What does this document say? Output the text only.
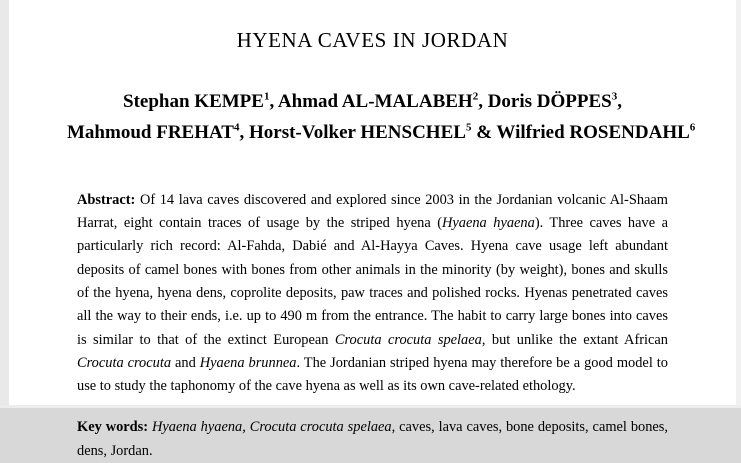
HYENA CAVES IN JORDAN
Stephan KEMPE$^1$, Ahmad AL-MALABEH$^2$, Doris DÖPPES$^3$,
Mahmoud FREHAT$^4$, Horst-Volker HENSCHEL$^5$ & Wilfried ROSENDAHL$^6$

Abstract: Of 14 lava caves discovered and explored since 2003 in the Jordanian volcanic Al-Shaam Harrat, eight contain traces of usage by the striped hyena (Hyaena hyaena). Three caves have a particularly rich record: Al-Fahda, Dabié and Al-Hayya Caves. Hyena cave usage left abundant deposits of camel bones with bones from other animals in the minority (by weight), bones and skulls of the hyena, hyena dens, coprolite deposits, paw traces and polished rocks. Hyenas penetrated caves all the way to their ends, i.e. up to 490 m from the entrance. The habit to carry large bones into caves is similar to that of the extinct European Crocuta crocuta spelaea, but unlike the extant African Crocuta crocuta and Hyaena brunnea. The Jordanian striped hyena may therefore be a good model to use to study the taphonomy of the cave hyena as well as its own cave-related ethology.

Key words: Hyaena hyaena, Crocuta crocuta spelaea, caves, lava caves, bone deposits, camel bones, dens, Jordan.
